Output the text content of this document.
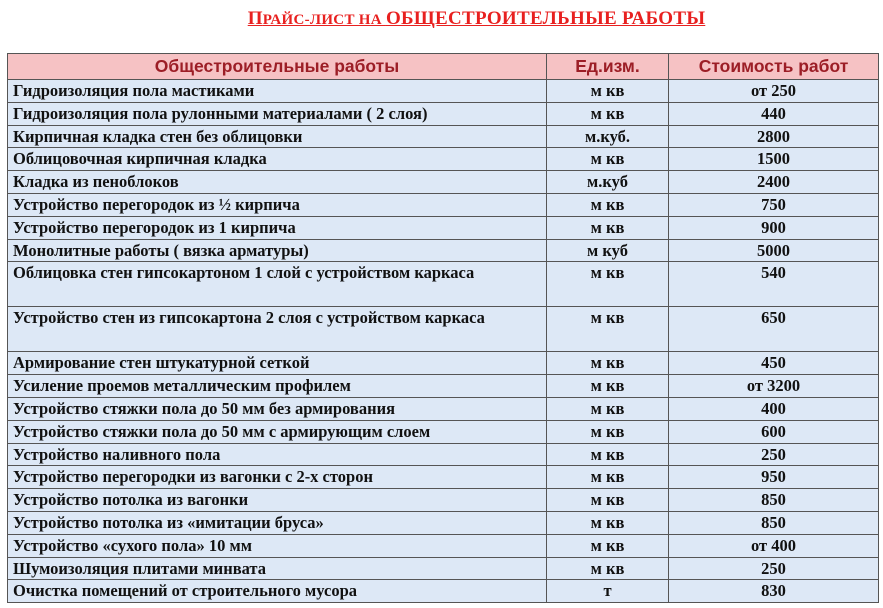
ПРАЙС-ЛИСТ НА ОБЩЕСТРОИТЕЛЬНЫЕ РАБОТЫ
Общестроительные работы	Ед.изм.	Стоимость работ
Гидроизоляция пола мастиками	м кв	от 250
Гидроизоляция пола рулонными материалами ( 2 слоя)	м кв	440
Кирпичная кладка стен без облицовки	м.куб.	2800
Облицовочная кирпичная кладка	м кв	1500
Кладка из пеноблоков	м.куб	2400
Устройство перегородок из ½ кирпича	м кв	750
Устройство перегородок из 1 кирпича	м кв	900
Монолитные работы ( вязка арматуры)	м куб	5000
Облицовка стен гипсокартоном 1 слой с устройством каркаса	м кв	540
Устройство стен из гипсокартона 2 слоя с устройством каркаса	м кв	650
Армирование стен штукатурной сеткой	м кв	450
Усиление проемов металлическим профилем	м кв	от 3200
Устройство стяжки пола до 50 мм без армирования	м кв	400
Устройство стяжки пола до 50 мм с армирующим слоем	м кв	600
Устройство наливного пола	м кв	250
Устройство перегородки из вагонки с 2-х сторон	м кв	950
Устройство потолка из вагонки	м кв	850
Устройство потолка из «имитации бруса»	м кв	850
Устройство «сухого пола» 10 мм	м кв	от 400
Шумоизоляция плитами минвата	м кв	250
Очистка помещений от строительного мусора	т	830
